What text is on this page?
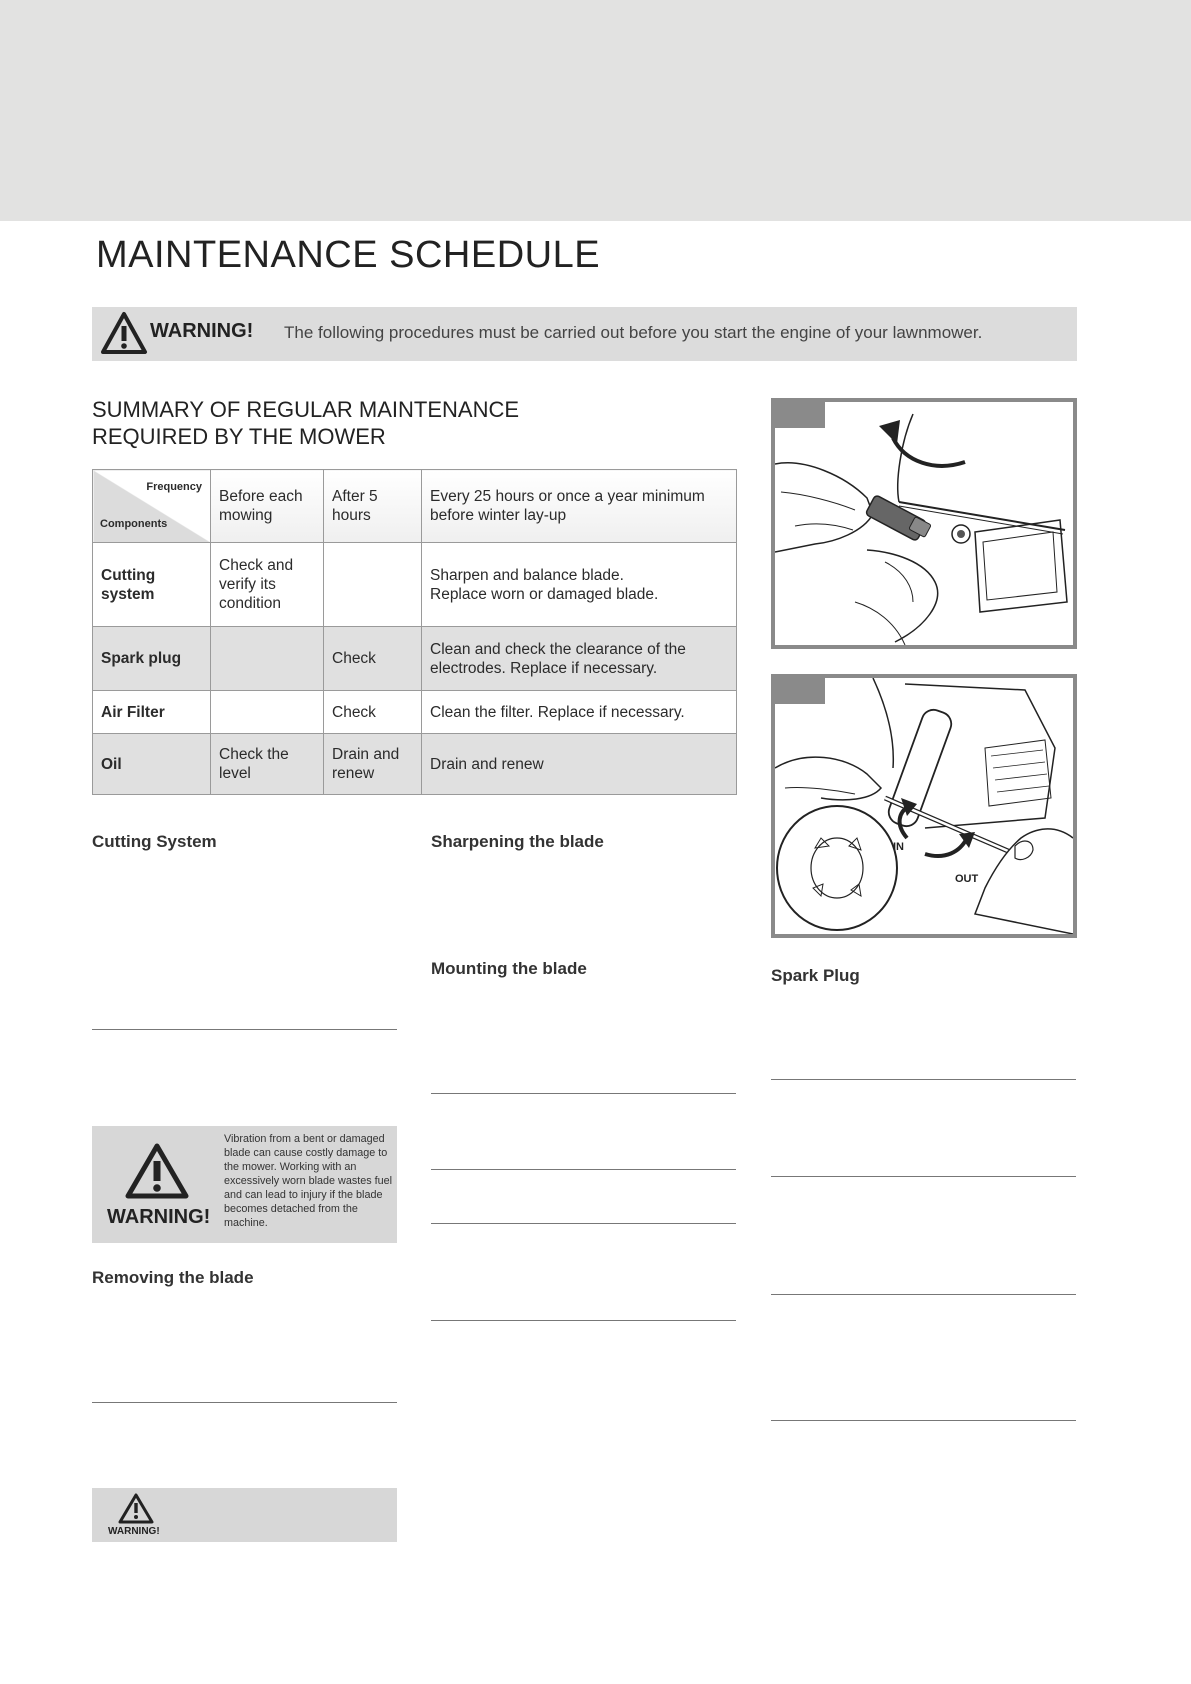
MAINTENANCE SCHEDULE
WARNING! The following procedures must be carried out before you start the engine of your lawnmower.
SUMMARY OF REGULAR MAINTENANCE
REQUIRED BY THE MOWER
Frequency
Components	Before each mowing	After 5 hours	Every 25 hours or once a year minimum before winter lay-up
Cutting system	Check and verify its condition		Sharpen and balance blade.
Replace worn or damaged blade.

Spark plug		Check	Clean and check the clearance of the electrodes. Replace if necessary.
Air Filter		Check	Clean the filter. Replace if necessary.
Oil	Check the level	Drain and renew	Drain and renew
Cutting System	Sharpening the blade
Mounting the blade	Spark Plug
Removing the blade
IN
OUT
WARNING!
Vibration from a bent or damaged blade can cause costly damage to the mower. Working with an excessively worn blade wastes fuel and can lead to injury if the blade becomes detached from the machine.
WARNING!
